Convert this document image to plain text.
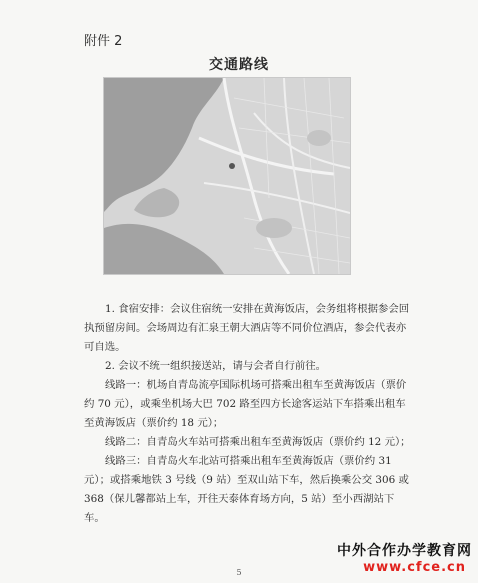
附件 2
交通路线

1. 食宿安排：会议住宿统一安排在黄海饭店，会务组将根据参会回执预留房间。会场周边有汇泉王朝大酒店等不同价位酒店，参会代表亦可自选。

2. 会议不统一组织接送站，请与会者自行前往。

线路一：机场自青岛流亭国际机场可搭乘出租车至黄海饭店（票价约 70 元），或乘坐机场大巴 702 路至四方长途客运站下车搭乘出租车至黄海饭店（票价约 18 元）；

线路二：自青岛火车站可搭乘出租车至黄海饭店（票价约 12 元）；

线路三：自青岛火车北站可搭乘出租车至黄海饭店（票价约 31 元）；或搭乘地铁 3 号线（9 站）至双山站下车，然后换乘公交 306 或 368（保儿馨都站上车，开往天泰体育场方向，5 站）至小西湖站下车。

中外合作办学教育网
www.cfce.cn
5
